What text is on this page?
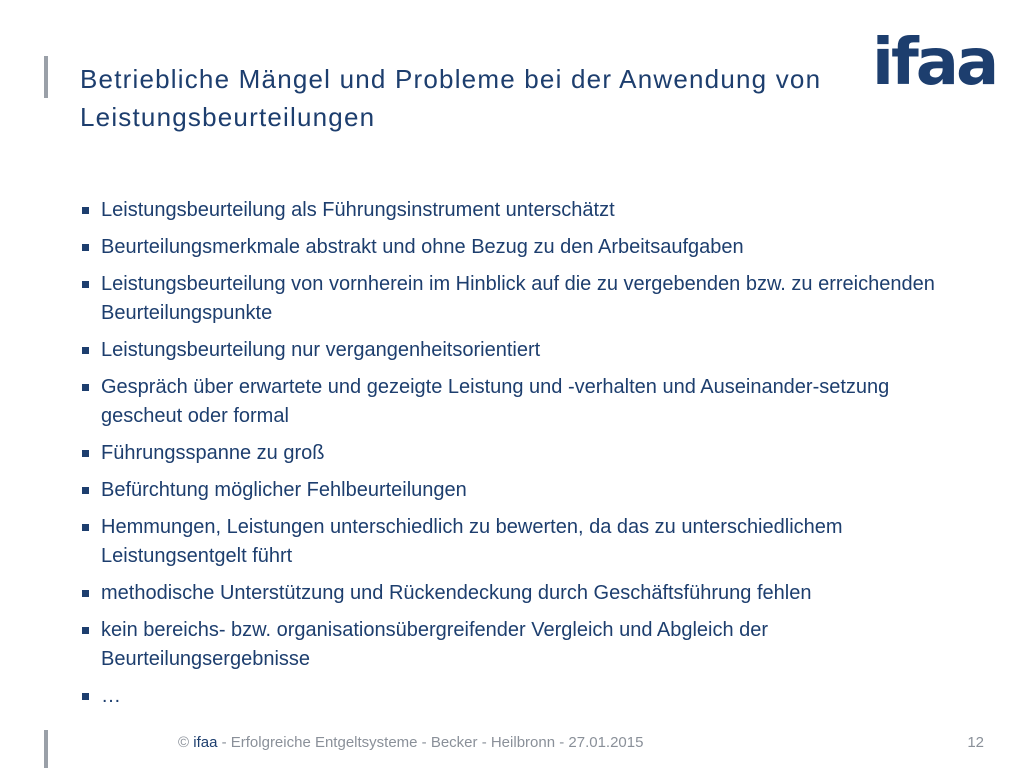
Betriebliche Mängel und Probleme bei der Anwendung von Leistungsbeurteilungen
ifaa
Leistungsbeurteilung als Führungsinstrument unterschätzt
Beurteilungsmerkmale abstrakt und ohne Bezug zu den Arbeitsaufgaben
Leistungsbeurteilung von vornherein im Hinblick auf die zu vergebenden bzw. zu erreichenden Beurteilungspunkte
Leistungsbeurteilung nur vergangenheitsorientiert
Gespräch über erwartete und gezeigte Leistung und -verhalten und Auseinander-setzung gescheut oder formal
Führungsspanne zu groß
Befürchtung möglicher Fehlbeurteilungen
Hemmungen, Leistungen unterschiedlich zu bewerten, da das zu unterschiedlichem Leistungsentgelt führt
methodische Unterstützung und Rückendeckung durch Geschäftsführung fehlen
kein bereichs- bzw. organisationsübergreifender Vergleich und Abgleich der Beurteilungsergebnisse
…
© ifaa - Erfolgreiche Entgeltsysteme - Becker - Heilbronn - 27.01.2015	12
